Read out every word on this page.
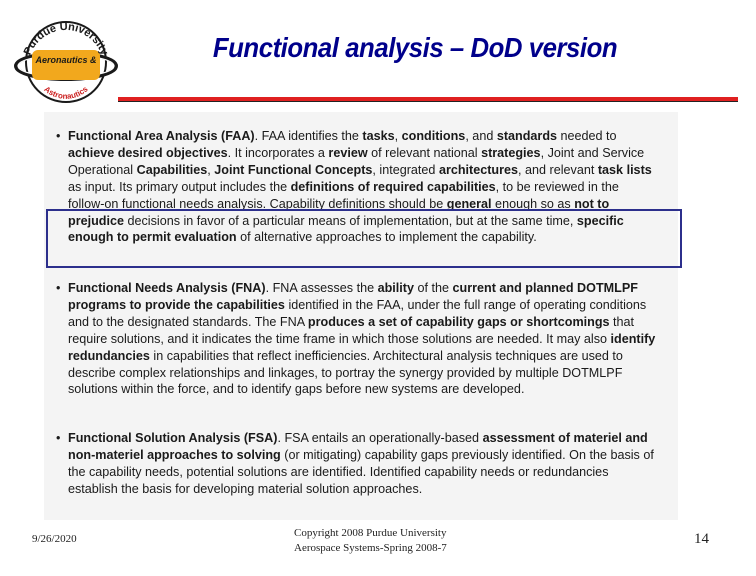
Purdue University
Aeronautics &
Astronautics
Functional analysis – DoD version
• Functional Area Analysis (FAA). FAA identifies the tasks, conditions, and standards needed to achieve desired objectives. It incorporates a review of relevant national strategies, Joint and Service Operational Capabilities, Joint Functional Concepts, integrated architectures, and relevant task lists as input. Its primary output includes the definitions of required capabilities, to be reviewed in the follow-on functional needs analysis. Capability definitions should be general enough so as not to prejudice decisions in favor of a particular means of implementation, but at the same time, specific enough to permit evaluation of alternative approaches to implement the capability.
• Functional Needs Analysis (FNA). FNA assesses the ability of the current and planned DOTMLPF programs to provide the capabilities identified in the FAA, under the full range of operating conditions and to the designated standards. The FNA produces a set of capability gaps or shortcomings that require solutions, and it indicates the time frame in which those solutions are needed. It may also identify redundancies in capabilities that reflect inefficiencies. Architectural analysis techniques are used to describe complex relationships and linkages, to portray the synergy provided by multiple DOTMLPF solutions within the force, and to identify gaps before new systems are developed.
• Functional Solution Analysis (FSA). FSA entails an operationally-based assessment of materiel and non-materiel approaches to solving (or mitigating) capability gaps previously identified. On the basis of the capability needs, potential solutions are identified. Identified capability needs or redundancies establish the basis for developing material solution approaches.
9/26/2020	Copyright 2008 Purdue University
Aerospace Systems-Spring 2008-7
14
